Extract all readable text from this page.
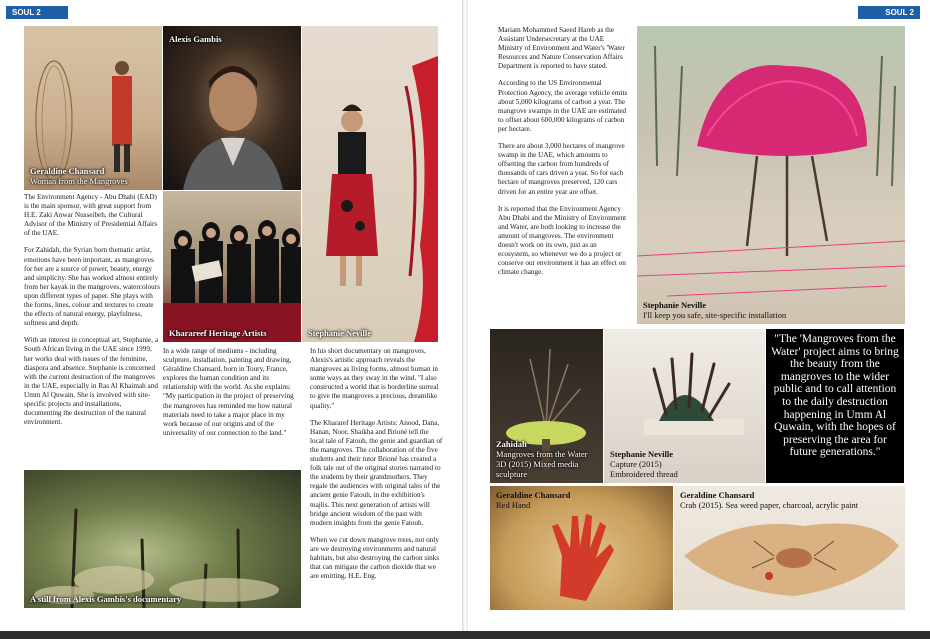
SOUL 2	SOUL 2
Geraldine Chansard
Woman from the Mangroves
Alexis Gambis
Stephanie Neville
Kharareef Heritage Artists

The Environment Agency - Abu Dhabi (EAD) is the main sponsor, with great support from H.E. Zaki Anwar Nusseibeh, the Cultural Advisor of the Ministry of Presidential Affairs of the UAE.

For Zahidah, the Syrian born thematic artist, emotions have been important, as mangroves for her are a source of power, beauty, energy and simplicity. She has worked almost entirely from her kayak in the mangroves, watercolours upon different types of paper. She plays with the forms, lines, colour and textures to create the effects of natural energy, playfulness, softness and depth.

With an interest in conceptual art, Stephanie, a South African living in the UAE since 1999, her works deal with issues of the feminine, diaspora and absence. Stephanie is concerned with the current destruction of the mangroves in the UAE, especially in Ras Al Khaimah and Umm Al Quwain. She is involved with site-specific projects and installations, documenting the destruction of the natural environment.

In a wide range of mediums - including sculpture, installation, painting and drawing, Géraldine Chansard, born in Toury, France, explores the human condition and its relationship with the world. As she explains: "My participation in the project of preserving the mangroves has reminded me how natural materials need to take a major place in my work because of our origins and of the universality of our connection to the land."

In his short documentary on mangroves, Alexis's artistic approach reveals the mangroves as living forms, almost human in some ways as they sway in the wind. "I also constructed a world that is borderline surreal to give the mangroves a precious, dreamlike quality."

The Khararef Heritage Artists: Anood, Dana, Hanan, Noor, Shaikha and Brioné tell the local tale of Fatouh, the genie and guardian of the mangroves. The collaboration of the five students and their tutor Brioné has created a folk tale out of the original stories narrated to the students by their grandmothers. They regale the audiences with original tales of the ancient genie Fatouh, in the exhibition's majlis. This next generation of artists will bridge ancient wisdom of the past with modern insights from the genie Fatouh.

When we cut down mangrove trees, not only are we destroying environments and natural habitats, but also destroying the carbon sinks that can mitigate the carbon dioxide that we are emitting, H.E. Eng.

A still from Alexis Gambis's documentary

Mariam Mohammed Saeed Hareb as the Assistant Undersecretary at the UAE Ministry of Environment and Water's 'Water Resources and Nature Conservation Affairs Department is reported to have stated.

According to the US Environmental Protection Agency, the average vehicle emits about 5,000 kilograms of carbon a year. The mangrove swamps in the UAE are estimated to offset about 600,000 kilograms of carbon per hectare.

There are about 3,000 hectares of mangrove swamp in the UAE, which amounts to offsetting the carbon from hundreds of thousands of cars driven a year. So for each hectare of mangroves preserved, 120 cars driven for an entire year are offset.

It is reported that the Environment Agency Abu Dhabi and the Ministry of Environment and Water, are both looking to increase the amount of mangroves. The environment doesn't work on its own, just as an ecosystem, so whenever we do a project or conserve our environment it has an effect on climate change.

Stephanie Neville
I'll keep you safe, site-specific installation
Zahidah
Mangroves from the Water 3D (2015) Mixed media sculpture
Stephanie Neville
Capture (2015)
Embroidered thread
"The 'Mangroves from the Water' project aims to bring the beauty from the mangroves to the wider public and to call attention to the daily destruction happening in Umm Al Quwain, with the hopes of preserving the area for future generations."
Geraldine Chansard
Red Hand
Geraldine Chansard
Crab (2015). Sea weed paper, charcoal, acrylic paint
